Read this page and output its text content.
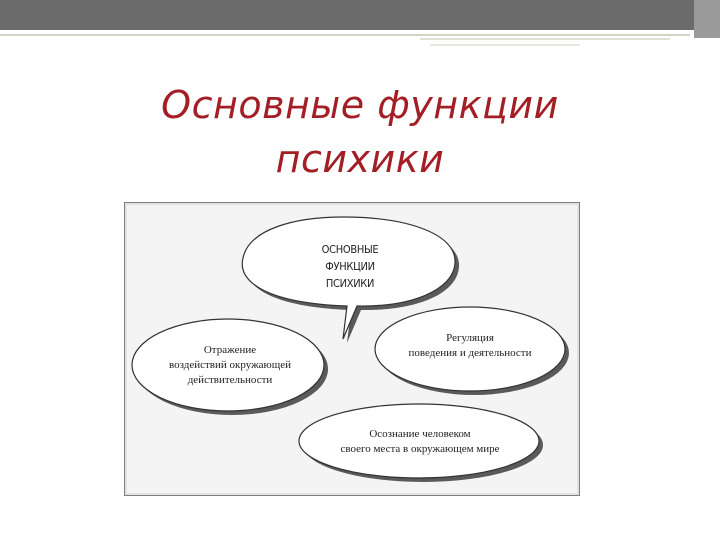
Основные функции
психики
ОСНОВНЫЕ
ФУНКЦИИ
ПСИХИКИ
Отражение
воздействий окружающей
действительности
Регуляция
поведения и деятельности
Осознание человеком
своего места в окружающем мире
